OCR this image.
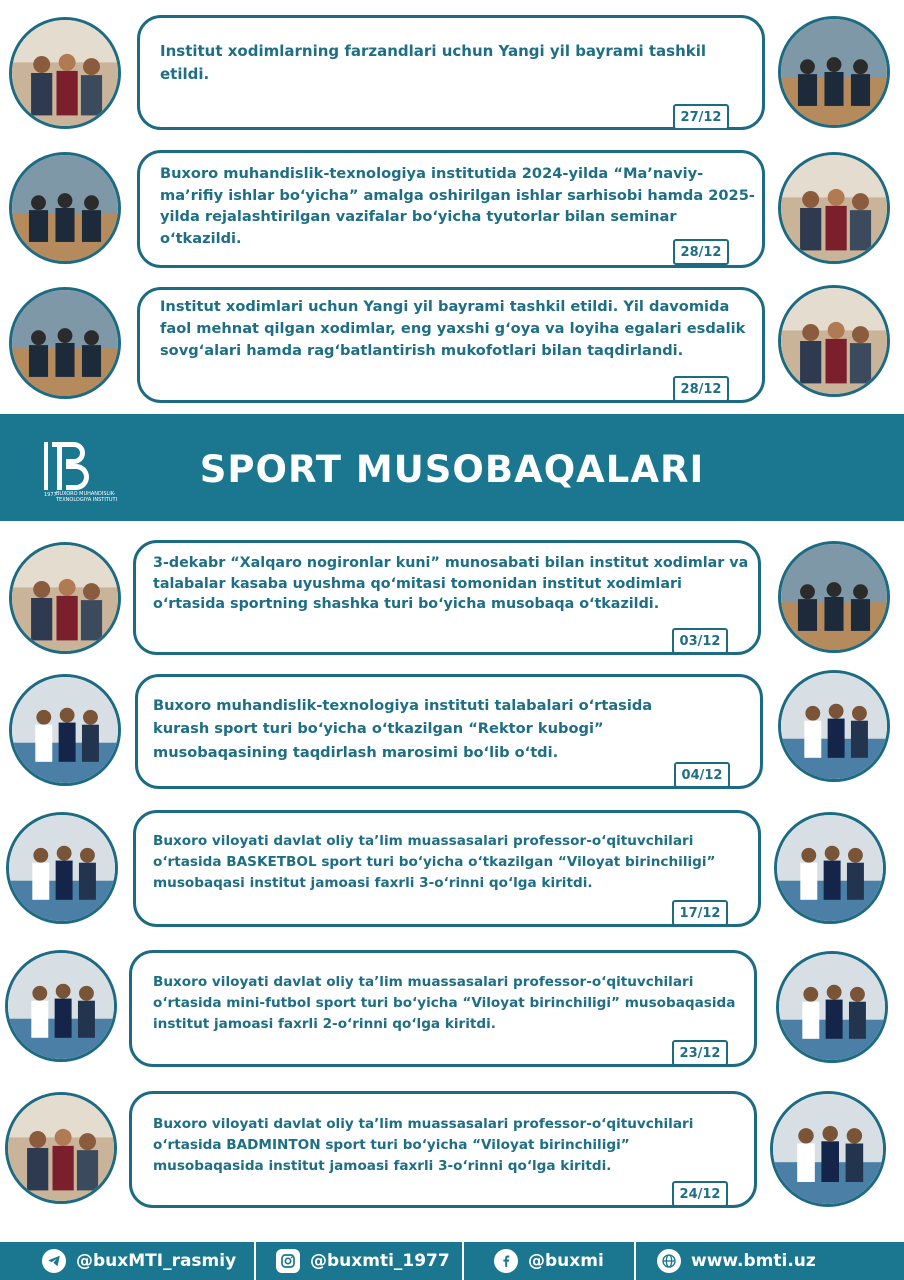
Institut xodimlarning farzandlari uchun Yangi yil bayrami tashkil etildi.

27/12

Buxoro muhandislik-texnologiya institutida 2024-yilda “Ma’naviy-ma’rifiy ishlar bo‘yicha” amalga oshirilgan ishlar sarhisobi hamda 2025-yilda rejalashtirilgan vazifalar bo‘yicha tyutorlar bilan seminar o‘tkazildi.

28/12

Institut xodimlari uchun Yangi yil bayrami tashkil etildi. Yil davomida faol mehnat qilgan xodimlar, eng yaxshi g‘oya va loyiha egalari esdalik sovg‘alari hamda rag‘batlantirish mukofotlari bilan taqdirlandi.

28/12
BUXORO MUHANDISLIK-TEXNOLOGIYA INSTITUTI
1977
SPORT MUSOBAQALARI

3-dekabr “Xalqaro nogironlar kuni” munosabati bilan institut xodimlar va talabalar kasaba uyushma qo‘mitasi tomonidan institut xodimlari o‘rtasida sportning shashka turi bo‘yicha musobaqa o‘tkazildi.

03/12

Buxoro muhandislik-texnologiya instituti talabalari o‘rtasida kurash sport turi bo‘yicha o‘tkazilgan “Rektor kubogi” musobaqasining taqdirlash marosimi bo‘lib o‘tdi.

04/12

Buxoro viloyati davlat oliy ta’lim muassasalari professor-o‘qituvchilari o‘rtasida BASKETBOL sport turi bo‘yicha o‘tkazilgan “Viloyat birinchiligi” musobaqasi institut jamoasi faxrli 3-o‘rinni qo‘lga kiritdi.

17/12

Buxoro viloyati davlat oliy ta’lim muassasalari professor-o‘qituvchilari o‘rtasida mini-futbol sport turi bo‘yicha “Viloyat birinchiligi” musobaqasida institut jamoasi faxrli 2-o‘rinni qo‘lga kiritdi.

23/12

Buxoro viloyati davlat oliy ta’lim muassasalari professor-o‘qituvchilari o‘rtasida BADMINTON sport turi bo‘yicha “Viloyat birinchiligi” musobaqasida institut jamoasi faxrli 3-o‘rinni qo‘lga kiritdi.

24/12
@buxMTI_rasmiy	@buxmti_1977	@buxmi	www.bmti.uz
